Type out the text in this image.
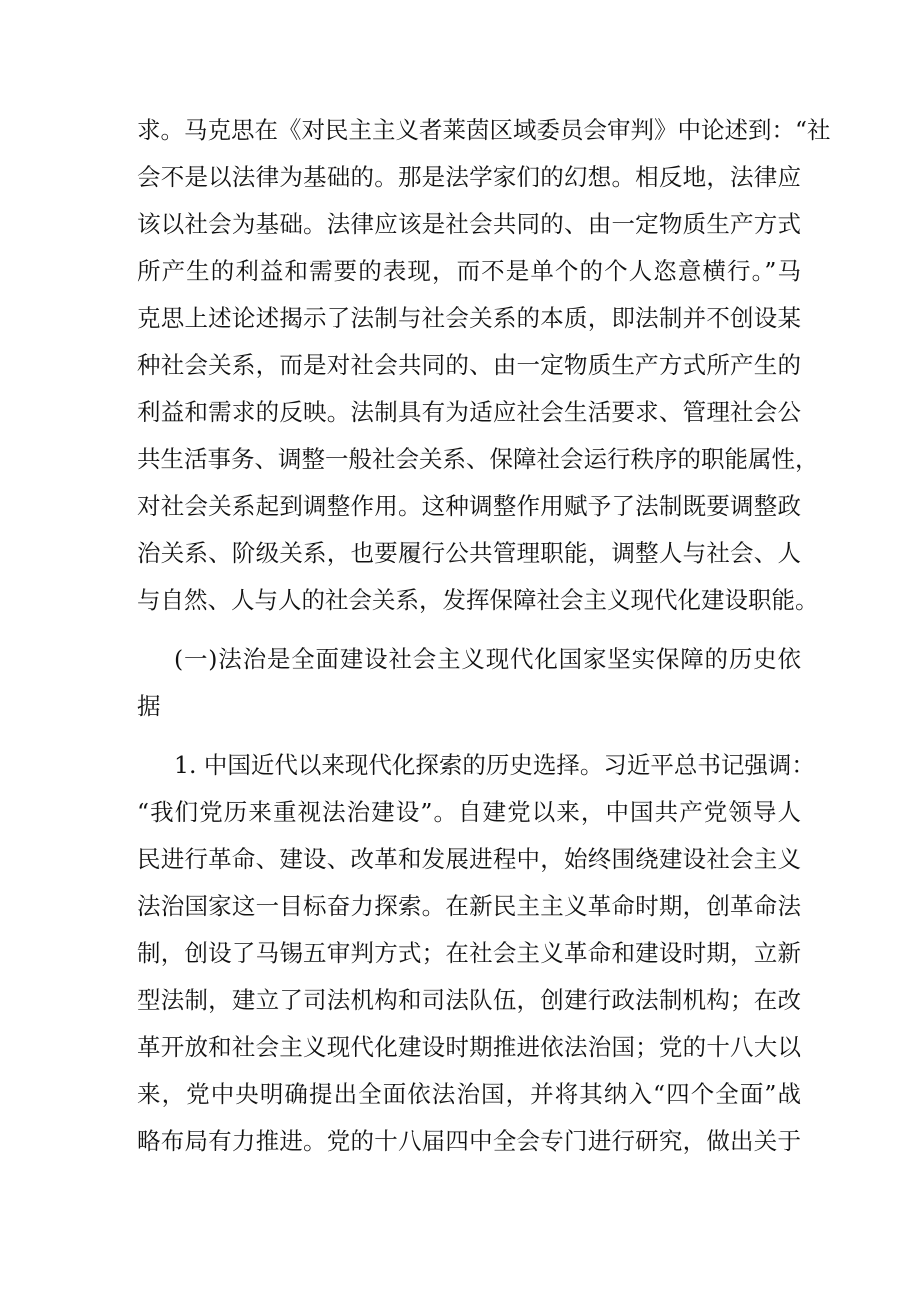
求。马克思在《对民主主义者莱茵区域委员会审判》中论述到：“社
会不是以法律为基础的。那是法学家们的幻想。相反地，法律应
该以社会为基础。法律应该是社会共同的、由一定物质生产方式
所产生的利益和需要的表现，而不是单个的个人恣意横行。”马
克思上述论述揭示了法制与社会关系的本质，即法制并不创设某
种社会关系，而是对社会共同的、由一定物质生产方式所产生的
利益和需求的反映。法制具有为适应社会生活要求、管理社会公
共生活事务、调整一般社会关系、保障社会运行秩序的职能属性，
对社会关系起到调整作用。这种调整作用赋予了法制既要调整政
治关系、阶级关系，也要履行公共管理职能，调整人与社会、人
与自然、人与人的社会关系，发挥保障社会主义现代化建设职能。
(一)法治是全面建设社会主义现代化国家坚实保障的历史依
据
1. 中国近代以来现代化探索的历史选择。习近平总书记强调：
“我们党历来重视法治建设”。自建党以来，中国共产党领导人
民进行革命、建设、改革和发展进程中，始终围绕建设社会主义
法治国家这一目标奋力探索。在新民主主义革命时期，创革命法
制，创设了马锡五审判方式；在社会主义革命和建设时期，立新
型法制，建立了司法机构和司法队伍，创建行政法制机构；在改
革开放和社会主义现代化建设时期推进依法治国；党的十八大以
来，党中央明确提出全面依法治国，并将其纳入“四个全面”战
略布局有力推进。党的十八届四中全会专门进行研究，做出关于
